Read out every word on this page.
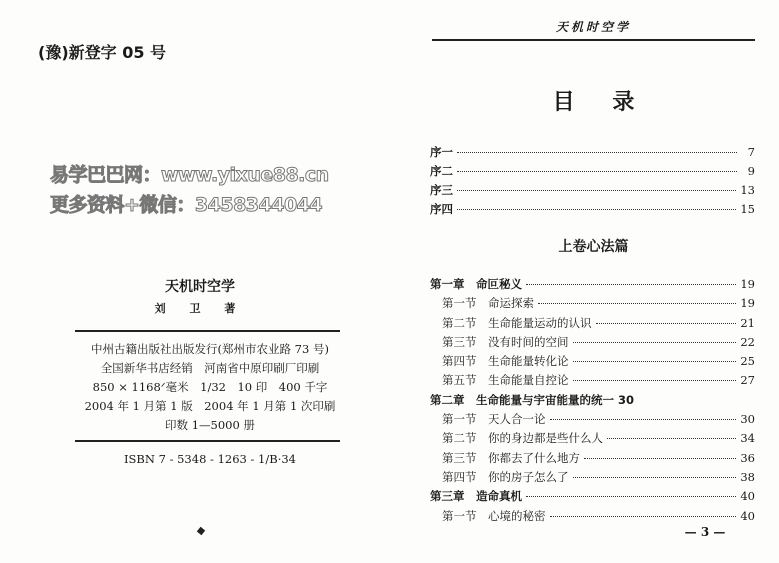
(豫)新登字 05 号
天机时空学
刘 卫 著
中州古籍出版社出版发行(郑州市农业路 73 号)
全国新华书店经销　河南省中原印刷厂印刷
850 × 1168ᐟ毫米　1/32　10 印　400 千字
2004 年 1 月第 1 版　2004 年 1 月第 1 次印刷
印数 1—5000 册
ISBN 7 - 5348 - 1263 - 1/B·34
天机时空学
目 录
序一	7
序二	9
序三	13
序四	15
上卷心法篇
第一章　命叵秘义	19
第一节　命运探索	19
第二节　生命能量运动的认识	21
第三节　没有时间的空间	22
第四节　生命能量转化论	25
第五节　生命能量自控论	27
第二章　生命能量与宇宙能量的统一 30
第一节　天人合一论	30
第二节　你的身边都是些什么人	34
第三节　你都去了什么地方	36
第四节　你的房子怎么了	38
第三章　造命真机	40
第一节　心境的秘密	40
易学巴巴网：www.yixue88.cn
更多资料+微信：3458344044
— 3 —
